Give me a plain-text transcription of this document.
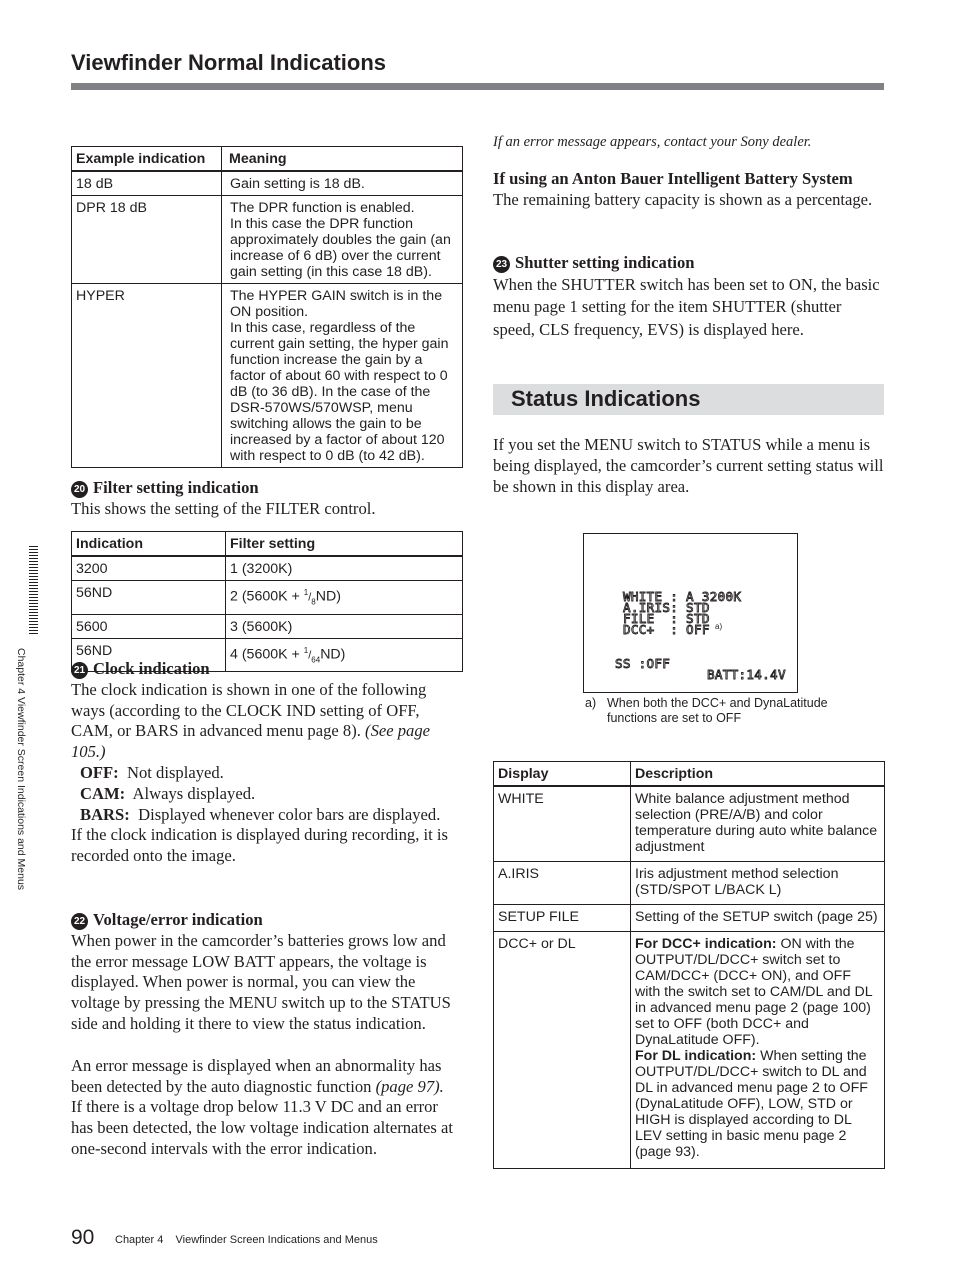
Viewfinder Normal Indications
Example indication	Meaning
18 dB	Gain setting is 18 dB.

DPR 18 dB	The DPR function is enabled.
In this case the DPR function approximately doubles the gain (an increase of 6 dB) over the current gain setting (in this case 18 dB).

HYPER	The HYPER GAIN switch is in the ON position.
In this case, regardless of the current gain setting, the hyper gain function increase the gain by a factor of about 60 with respect to 0 dB (to 36 dB). In the case of the DSR-570WS/570WSP, menu switching allows the gain to be increased by a factor of about 120 with respect to 0 dB (to 42 dB).
20 Filter setting indication
This shows the setting of the FILTER control.
Indication	Filter setting
3200	1 (3200K)
56ND	2 $(5600K + ^1/_8ND)$
5600	3 (5600K)
56ND	4 $(5600K + ^1/_{64}ND)$
21 Clock indication
The clock indication is shown in one of the following ways (according to the CLOCK IND setting of OFF, CAM, or BARS in advanced menu page 8). (See page 105.)
OFF: Not displayed.
CAM: Always displayed.
BARS: Displayed whenever color bars are displayed.
If the clock indication is displayed during recording, it is recorded onto the image.
22 Voltage/error indication
When power in the camcorder’s batteries grows low and the error message LOW BATT appears, the voltage is displayed. When power is normal, you can view the voltage by pressing the MENU switch up to the STATUS side and holding it there to view the status indication.
An error message is displayed when an abnormality has been detected by the auto diagnostic function (page 97).  If there is a voltage drop below 11.3 V DC and an error has been detected, the low voltage indication alternates at one-second intervals with the error indication.
If an error message appears, contact your Sony dealer.
If using an Anton Bauer Intelligent Battery System
The remaining battery capacity is shown as a percentage.
23 Shutter setting indication
When the SHUTTER switch has been set to ON, the basic menu page 1 setting for the item SHUTTER (shutter speed, CLS frequency, EVS) is displayed here.
Status Indications
If you set the MENU switch to STATUS while a menu is being displayed, the camcorder’s current setting status will be shown in this display area.
WHITE : A 3200K
A.IRIS: STD
FILE  : STD
DCC+  : OFF a)
SS :OFF
BATT:14.4V
a) When both the DCC+ and DynaLatitude functions are set to OFF
Display	Description
WHITE	White balance adjustment method selection (PRE/A/B) and color temperature during auto white balance adjustment
A.IRIS	Iris adjustment method selection (STD/SPOT L/BACK L)
SETUP FILE	Setting of the SETUP switch (page 25)
DCC+ or DL	For DCC+ indication: ON with the OUTPUT/DL/DCC+ switch set to CAM/DCC+ (DCC+ ON), and OFF with the switch set to CAM/DL and DL in advanced menu page 2 (page 100) set to OFF (both DCC+ and DynaLatitude OFF).
For DL indication: When setting the OUTPUT/DL/DCC+ switch to DL and DL in advanced menu page 2 to OFF (DynaLatitude OFF), LOW, STD or HIGH is displayed according to DL LEV setting in basic menu page 2 (page 93).
Chapter 4 Viewfinder Screen Indications and Menus
90 Chapter 4    Viewfinder Screen Indications and Menus
